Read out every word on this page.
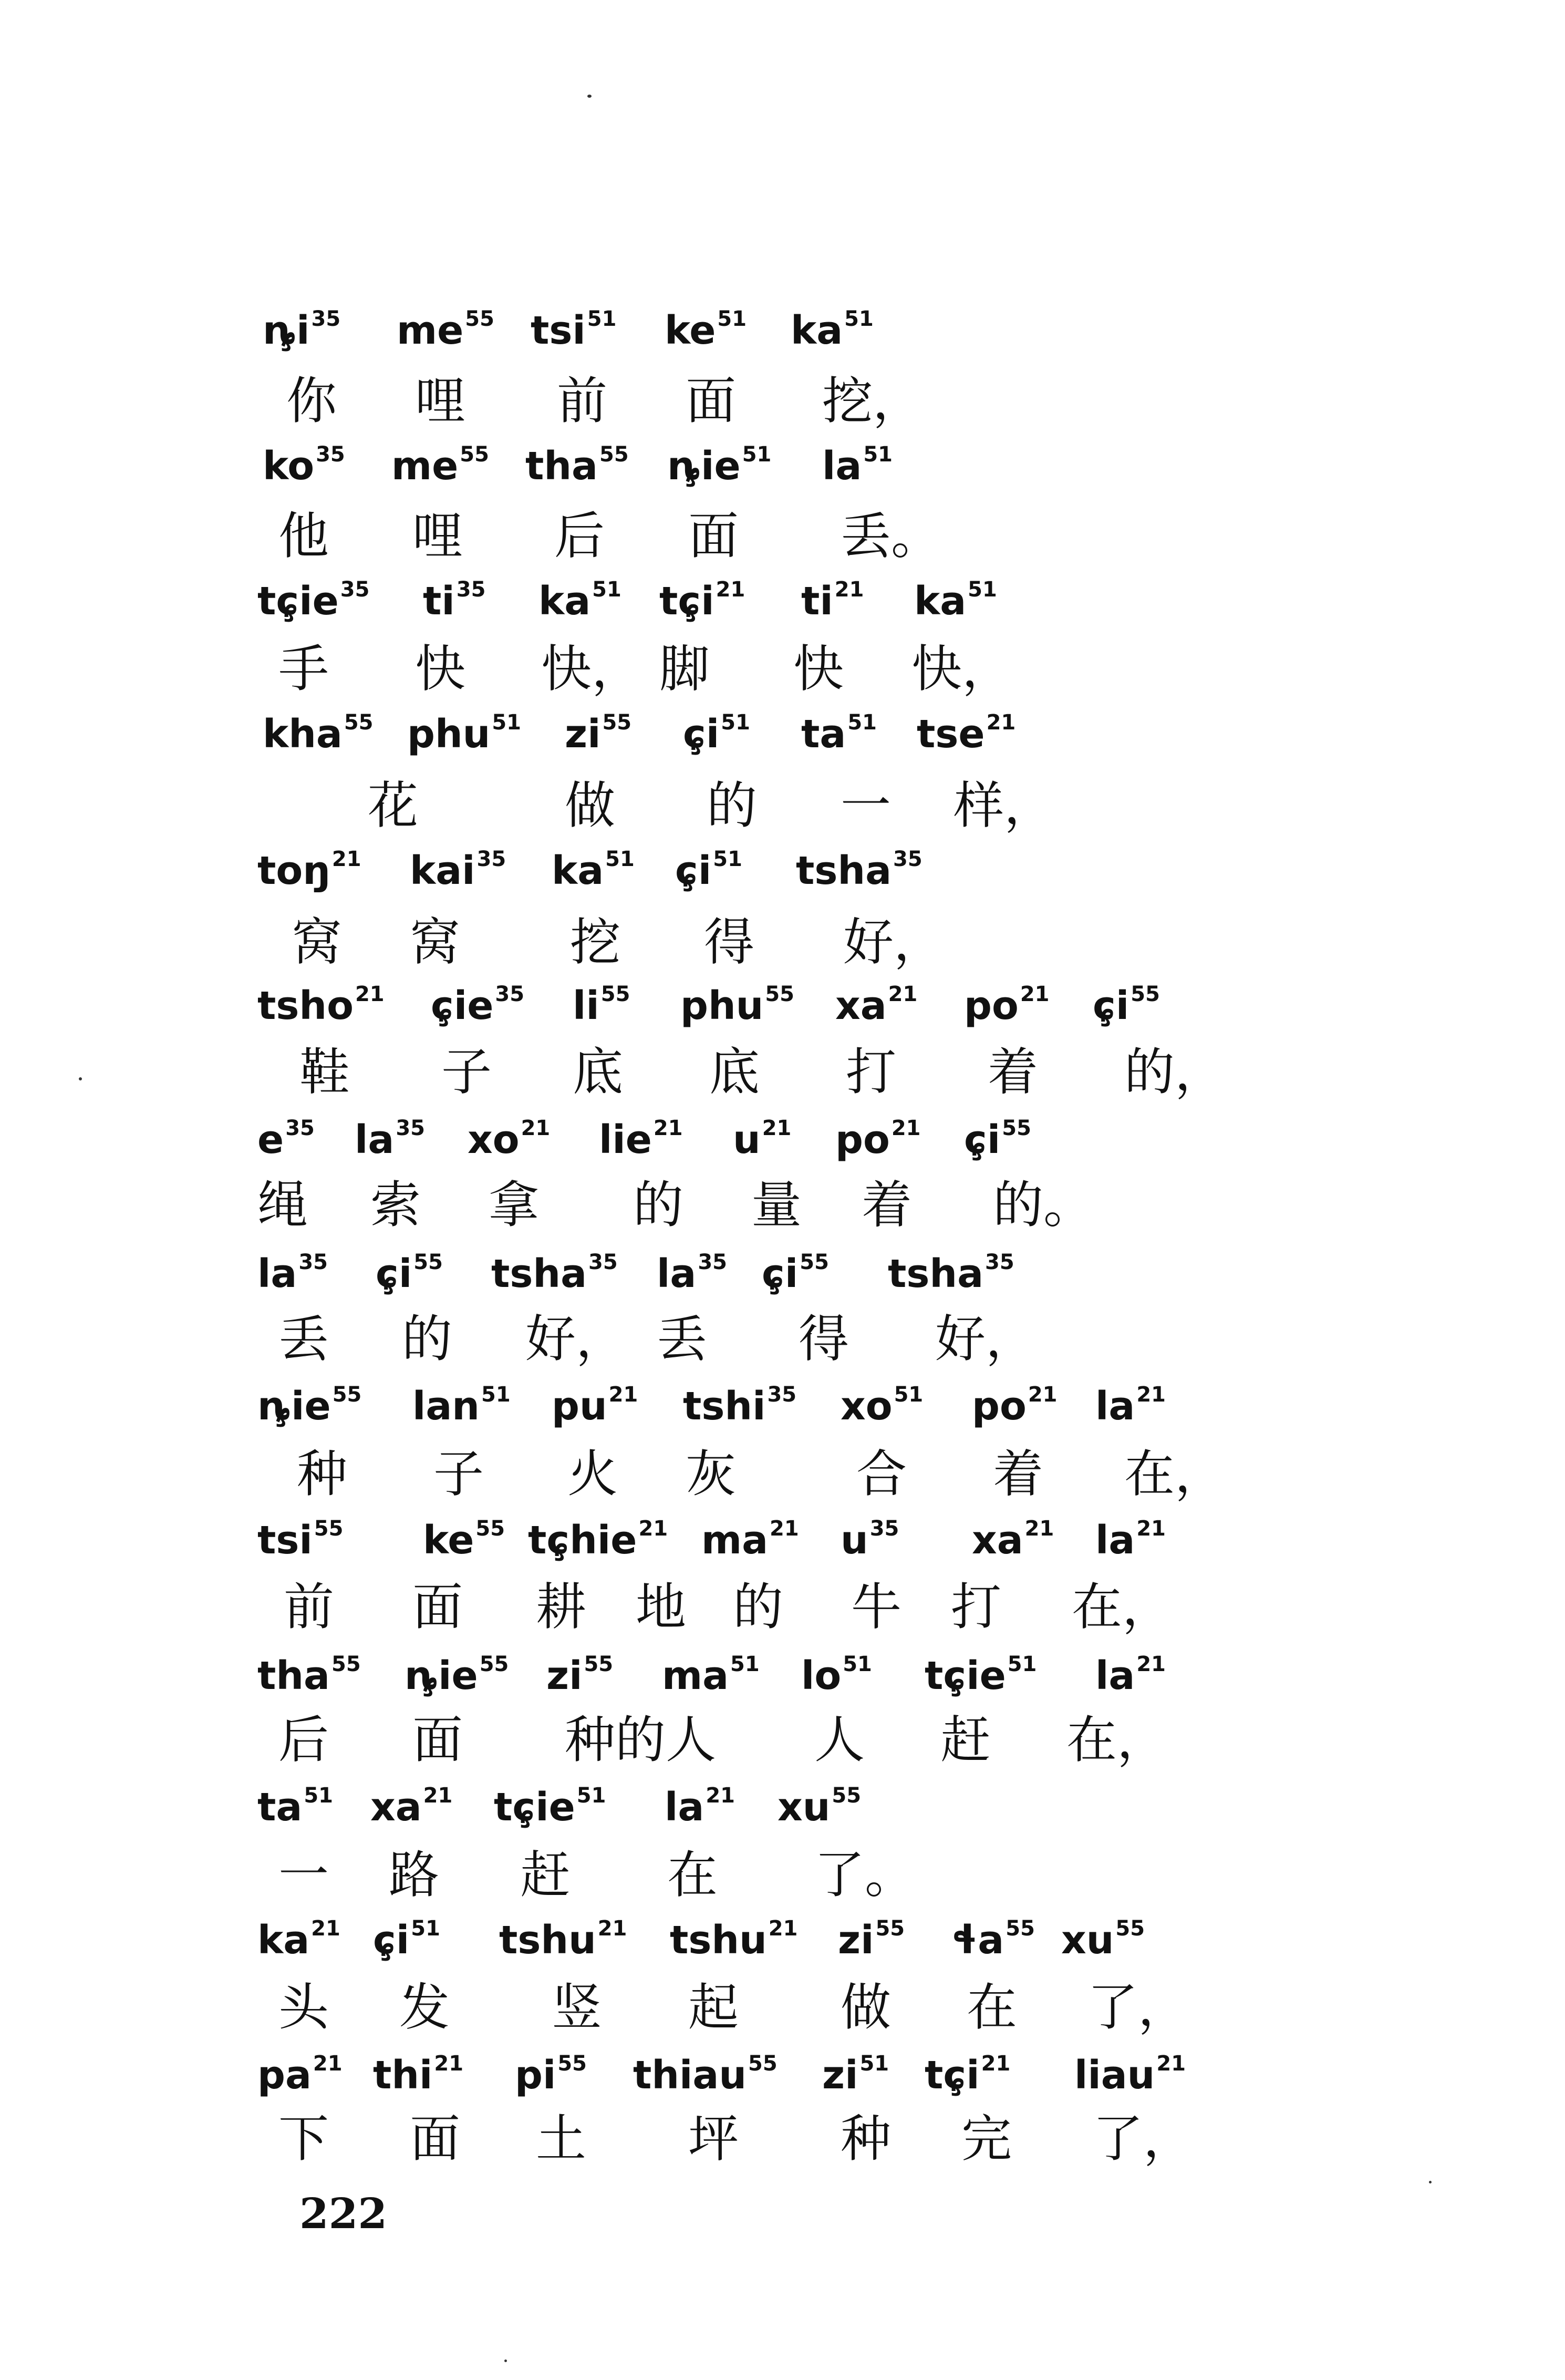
$ȵ̧i^{35}$ $me^{55}$ tsi$^{51}$ $ke^{51}$ $ka^{51}$
你 哩 前 面 挖，
$ko^{35}$ $me^{55}$ tha$^{55}$ $ȵ̧ie^{51}$ $la^{51}$
他 哩 后 面 丢。
$tɕ̧ie^{35}$ $ti^{35}$ $ka^{51}$ $tɕ̧i^{21}$ $ti^{21}$ $ka^{51}$
手 快 快， 脚 快 快，
kha$^{55}$ phu$^{51}$ $zi^{55}$ $ɕ̧i^{51}$ $ta^{51}$ tse$^{21}$
花	做 的 一 样，
toŋ$^{21}$ kai$^{35}$ $ka^{51}$ $ɕ̧i^{51}$ tsha$^{35}$
窝 窝 挖 得 好，
tsho$^{21}$ $ɕ̧ie^{35}$ $li^{55}$ phu$^{55}$ $xa^{21}$ $po^{21}$ $ɕ̧i^{55}$
鞋 子 底 底 打 着 的，
$e^{35}$ $la^{35}$ $xo^{21}$ lie$^{21}$ $u^{21}$ $po^{21}$ $ɕ̧i^{55}$
绳 索 拿 的 量 着 的。
$la^{35}$ $ɕ̧i^{55}$ tsha$^{35}$ $la^{35}$ $ɕ̧i^{55}$ tsha$^{35}$
丢 的 好， 丢 得 好，
$ȵ̧ie^{55}$ lan$^{51}$ $pu^{21}$ tshi$^{35}$ $xo^{51}$ $po^{21}$ $la^{21}$
种 子 火 灰 合 着 在，
tsi$^{55}$ $ke^{55}$ tɕ̧hie$^{21}$ $ma^{21}$ $u^{35}$ $xa^{21}$ $la^{21}$
前 面 耕 地 的 牛 打 在，
tha$^{55}$ $ȵ̧ie^{55}$ $zi^{55}$ $ma^{51}$ $lo^{51}$ $tɕ̧ie^{51}$ $la^{21}$
后 面 种的人 人 赶 在，
$ta^{51}$ $xa^{21}$ $tɕ̧ie^{51}$ $la^{21}$ $xu^{55}$
一 路 赶 在 了。
$ka^{21}$ $ɕ̧i^{51}$ tshu$^{21}$ tshu$^{21}$ $zi^{55}$ ɬa$^{55}$ $xu^{55}$
头 发 竖 起 做 在 了，
$pa^{21}$ thi$^{21}$ $pi^{55}$ thiau$^{55}$ $zi^{51}$ $tɕ̧i^{21}$ liau$^{21}$
下 面 土 坪 种 完 了，
222
